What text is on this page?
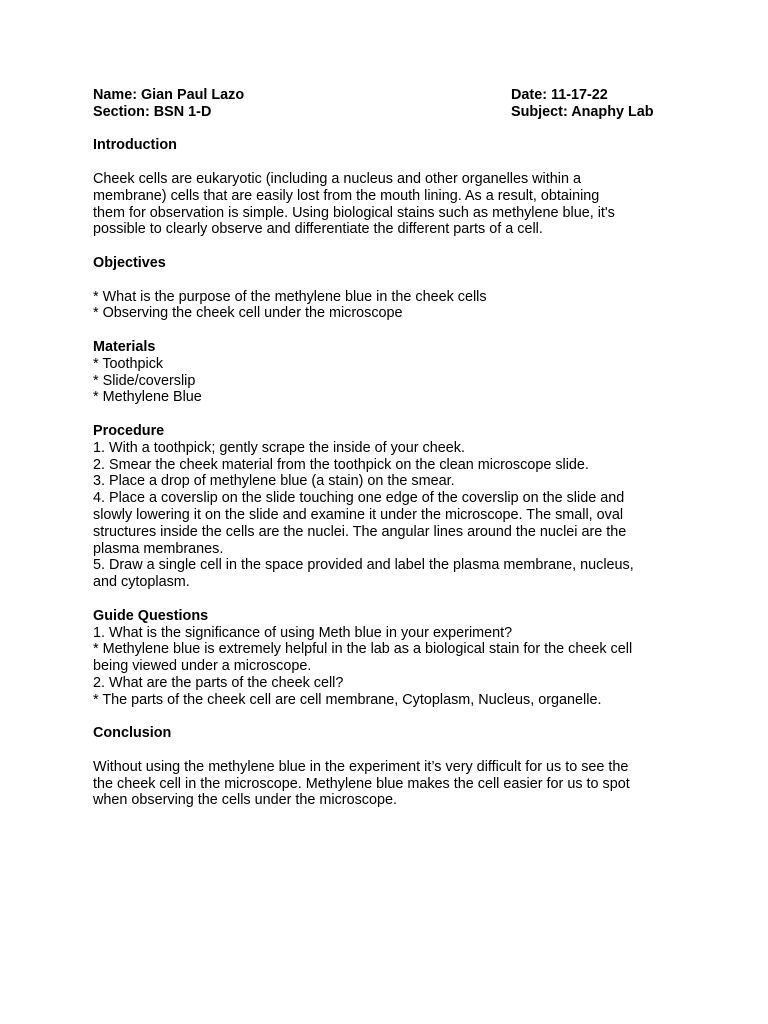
Name: Gian Paul Lazo	Date: 11-17-22
Section: BSN 1-D	Subject: Anaphy Lab
Introduction
Cheek cells are eukaryotic (including a nucleus and other organelles within a
membrane) cells that are easily lost from the mouth lining. As a result, obtaining
them for observation is simple. Using biological stains such as methylene blue, it's
possible to clearly observe and differentiate the different parts of a cell.
Objectives
* What is the purpose of the methylene blue in the cheek cells
* Observing the cheek cell under the microscope
Materials
* Toothpick
* Slide/coverslip
* Methylene Blue
Procedure
1. With a toothpick; gently scrape the inside of your cheek.
2. Smear the cheek material from the toothpick on the clean microscope slide.
3. Place a drop of methylene blue (a stain) on the smear.
4. Place a coverslip on the slide touching one edge of the coverslip on the slide and
slowly lowering it on the slide and examine it under the microscope. The small, oval
structures inside the cells are the nuclei. The angular lines around the nuclei are the
plasma membranes.
5. Draw a single cell in the space provided and label the plasma membrane, nucleus,
and cytoplasm.
Guide Questions
1. What is the significance of using Meth blue in your experiment?
* Methylene blue is extremely helpful in the lab as a biological stain for the cheek cell
being viewed under a microscope.
2. What are the parts of the cheek cell?
* The parts of the cheek cell are cell membrane, Cytoplasm, Nucleus, organelle.
Conclusion
Without using the methylene blue in the experiment it’s very difficult for us to see the
the cheek cell in the microscope. Methylene blue makes the cell easier for us to spot
when observing the cells under the microscope.
